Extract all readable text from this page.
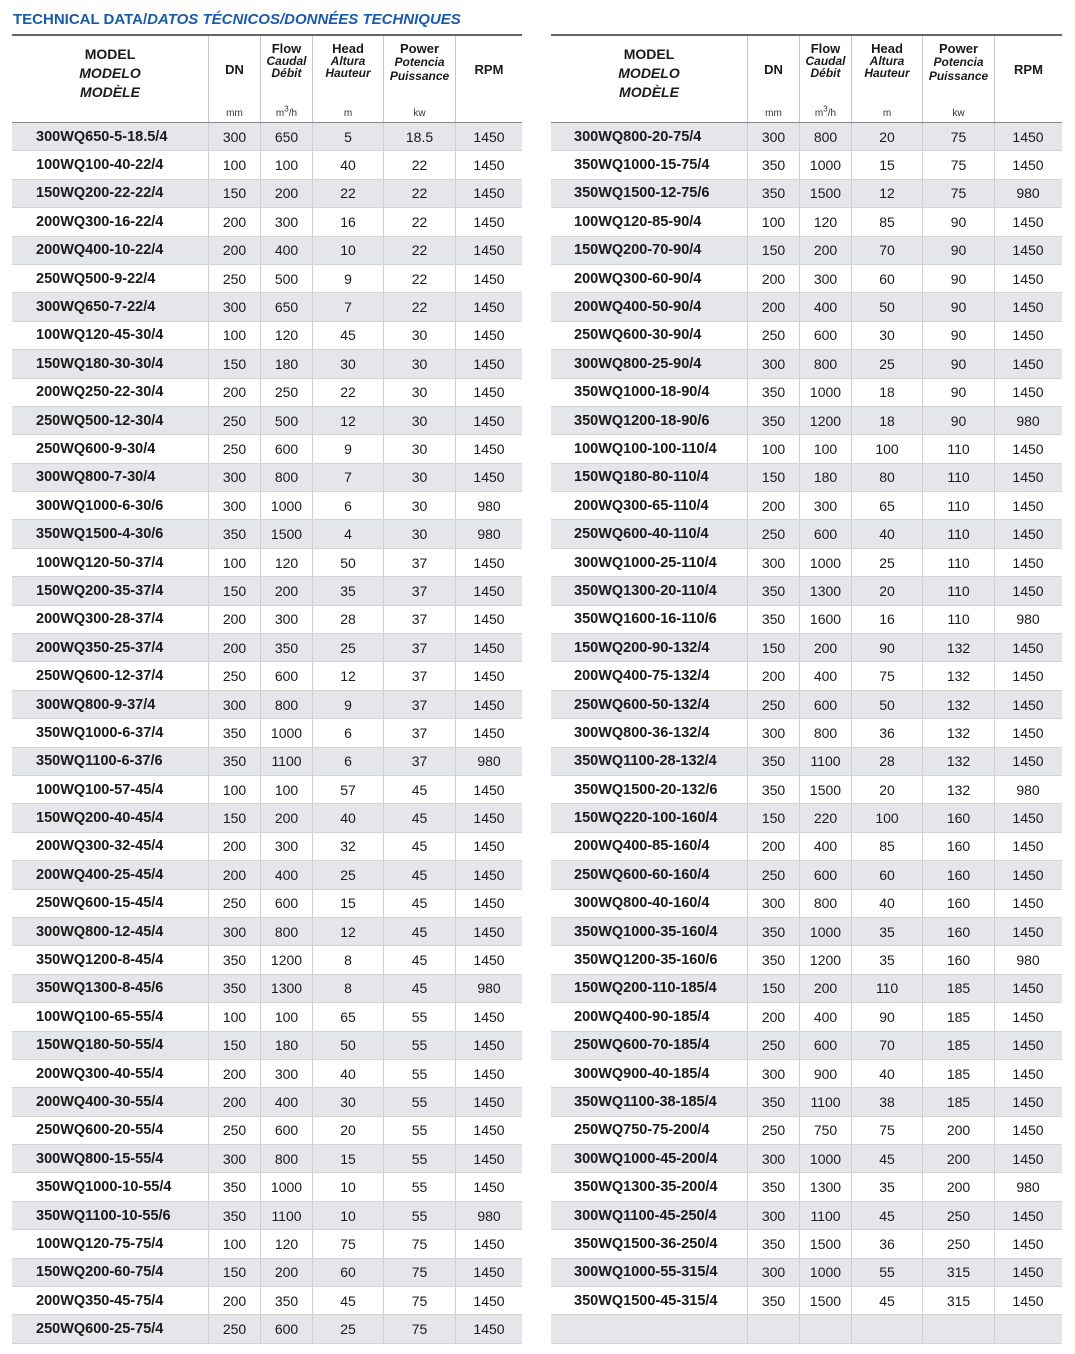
TECHNICAL DATA/DATOS TÉCNICOS/DONNÉES TECHNIQUES
MODEL
MODELO
MODÈLE
DN
mm
Flow
Caudal
Débit
$m^3/h$
Head
Altura
Hauteur
m
Power
Potencia
Puissance
kw
RPM
300WQ650-5-18.5/4	300	650	5	18.5	1450
100WQ100-40-22/4	100	100	40	22	1450
150WQ200-22-22/4	150	200	22	22	1450
200WQ300-16-22/4	200	300	16	22	1450
200WQ400-10-22/4	200	400	10	22	1450
250WQ500-9-22/4	250	500	9	22	1450
300WQ650-7-22/4	300	650	7	22	1450
100WQ120-45-30/4	100	120	45	30	1450
150WQ180-30-30/4	150	180	30	30	1450
200WQ250-22-30/4	200	250	22	30	1450
250WQ500-12-30/4	250	500	12	30	1450
250WQ600-9-30/4	250	600	9	30	1450
300WQ800-7-30/4	300	800	7	30	1450
300WQ1000-6-30/6	300	1000	6	30	980
350WQ1500-4-30/6	350	1500	4	30	980
100WQ120-50-37/4	100	120	50	37	1450
150WQ200-35-37/4	150	200	35	37	1450
200WQ300-28-37/4	200	300	28	37	1450
200WQ350-25-37/4	200	350	25	37	1450
250WQ600-12-37/4	250	600	12	37	1450
300WQ800-9-37/4	300	800	9	37	1450
350WQ1000-6-37/4	350	1000	6	37	1450
350WQ1100-6-37/6	350	1100	6	37	980
100WQ100-57-45/4	100	100	57	45	1450
150WQ200-40-45/4	150	200	40	45	1450
200WQ300-32-45/4	200	300	32	45	1450
200WQ400-25-45/4	200	400	25	45	1450
250WQ600-15-45/4	250	600	15	45	1450
300WQ800-12-45/4	300	800	12	45	1450
350WQ1200-8-45/4	350	1200	8	45	1450
350WQ1300-8-45/6	350	1300	8	45	980
100WQ100-65-55/4	100	100	65	55	1450
150WQ180-50-55/4	150	180	50	55	1450
200WQ300-40-55/4	200	300	40	55	1450
200WQ400-30-55/4	200	400	30	55	1450
250WQ600-20-55/4	250	600	20	55	1450
300WQ800-15-55/4	300	800	15	55	1450
350WQ1000-10-55/4	350	1000	10	55	1450
350WQ1100-10-55/6	350	1100	10	55	980
100WQ120-75-75/4	100	120	75	75	1450
150WQ200-60-75/4	150	200	60	75	1450
200WQ350-45-75/4	200	350	45	75	1450
250WQ600-25-75/4	250	600	25	75	1450
MODEL
MODELO
MODÈLE
DN
mm
Flow
Caudal
Débit
$m^3/h$
Head
Altura
Hauteur
m
Power
Potencia
Puissance
kw
RPM
300WQ800-20-75/4	300	800	20	75	1450
350WQ1000-15-75/4	350	1000	15	75	1450
350WQ1500-12-75/6	350	1500	12	75	980
100WQ120-85-90/4	100	120	85	90	1450
150WQ200-70-90/4	150	200	70	90	1450
200WQ300-60-90/4	200	300	60	90	1450
200WQ400-50-90/4	200	400	50	90	1450
250WQ600-30-90/4	250	600	30	90	1450
300WQ800-25-90/4	300	800	25	90	1450
350WQ1000-18-90/4	350	1000	18	90	1450
350WQ1200-18-90/6	350	1200	18	90	980
100WQ100-100-110/4	100	100	100	110	1450
150WQ180-80-110/4	150	180	80	110	1450
200WQ300-65-110/4	200	300	65	110	1450
250WQ600-40-110/4	250	600	40	110	1450
300WQ1000-25-110/4	300	1000	25	110	1450
350WQ1300-20-110/4	350	1300	20	110	1450
350WQ1600-16-110/6	350	1600	16	110	980
150WQ200-90-132/4	150	200	90	132	1450
200WQ400-75-132/4	200	400	75	132	1450
250WQ600-50-132/4	250	600	50	132	1450
300WQ800-36-132/4	300	800	36	132	1450
350WQ1100-28-132/4	350	1100	28	132	1450
350WQ1500-20-132/6	350	1500	20	132	980
150WQ220-100-160/4	150	220	100	160	1450
200WQ400-85-160/4	200	400	85	160	1450
250WQ600-60-160/4	250	600	60	160	1450
300WQ800-40-160/4	300	800	40	160	1450
350WQ1000-35-160/4	350	1000	35	160	1450
350WQ1200-35-160/6	350	1200	35	160	980
150WQ200-110-185/4	150	200	110	185	1450
200WQ400-90-185/4	200	400	90	185	1450
250WQ600-70-185/4	250	600	70	185	1450
300WQ900-40-185/4	300	900	40	185	1450
350WQ1100-38-185/4	350	1100	38	185	1450
250WQ750-75-200/4	250	750	75	200	1450
300WQ1000-45-200/4	300	1000	45	200	1450
350WQ1300-35-200/4	350	1300	35	200	980
300WQ1100-45-250/4	300	1100	45	250	1450
350WQ1500-36-250/4	350	1500	36	250	1450
300WQ1000-55-315/4	300	1000	55	315	1450
350WQ1500-45-315/4	350	1500	45	315	1450
